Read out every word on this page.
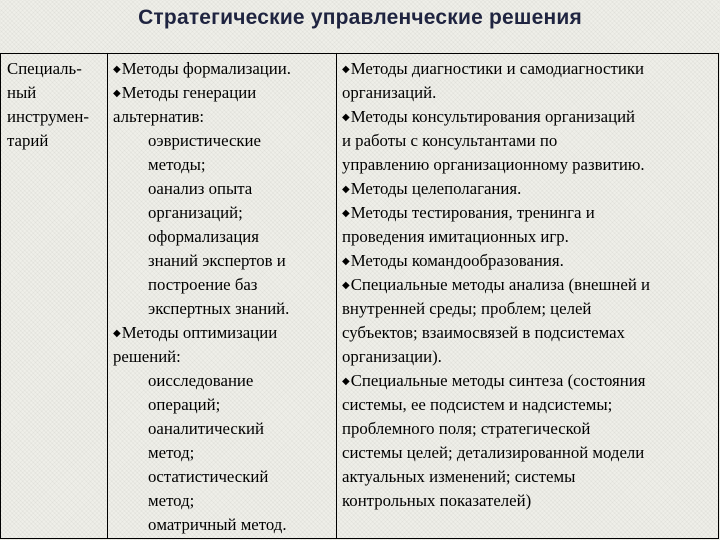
Стратегические управленческие решения
Специаль-
ный
инструмен-
тарий
◆Методы формализации.
◆Методы генерации
альтернатив:
oэвристические
методы;
oанализ опыта
организаций;
oформализация
знаний экспертов и
построение баз
экспертных знаний.
◆Методы оптимизации
решений:
oисследование
операций;
oаналитический
метод;
oстатистический
метод;
oматричный метод.
◆Методы диагностики и самодиагностики
организаций.
◆Методы консультирования организаций
и работы с консультантами по
управлению организационному развитию.
◆Методы целеполагания.
◆Методы тестирования, тренинга и
проведения имитационных игр.
◆Методы командообразования.
◆Специальные методы анализа (внешней и
внутренней среды; проблем; целей
субъектов; взаимосвязей в подсистемах
организации).
◆Специальные методы синтеза (состояния
системы, ее подсистем и надсистемы;
проблемного поля; стратегической
системы целей; детализированной модели
актуальных изменений; системы
контрольных показателей)
